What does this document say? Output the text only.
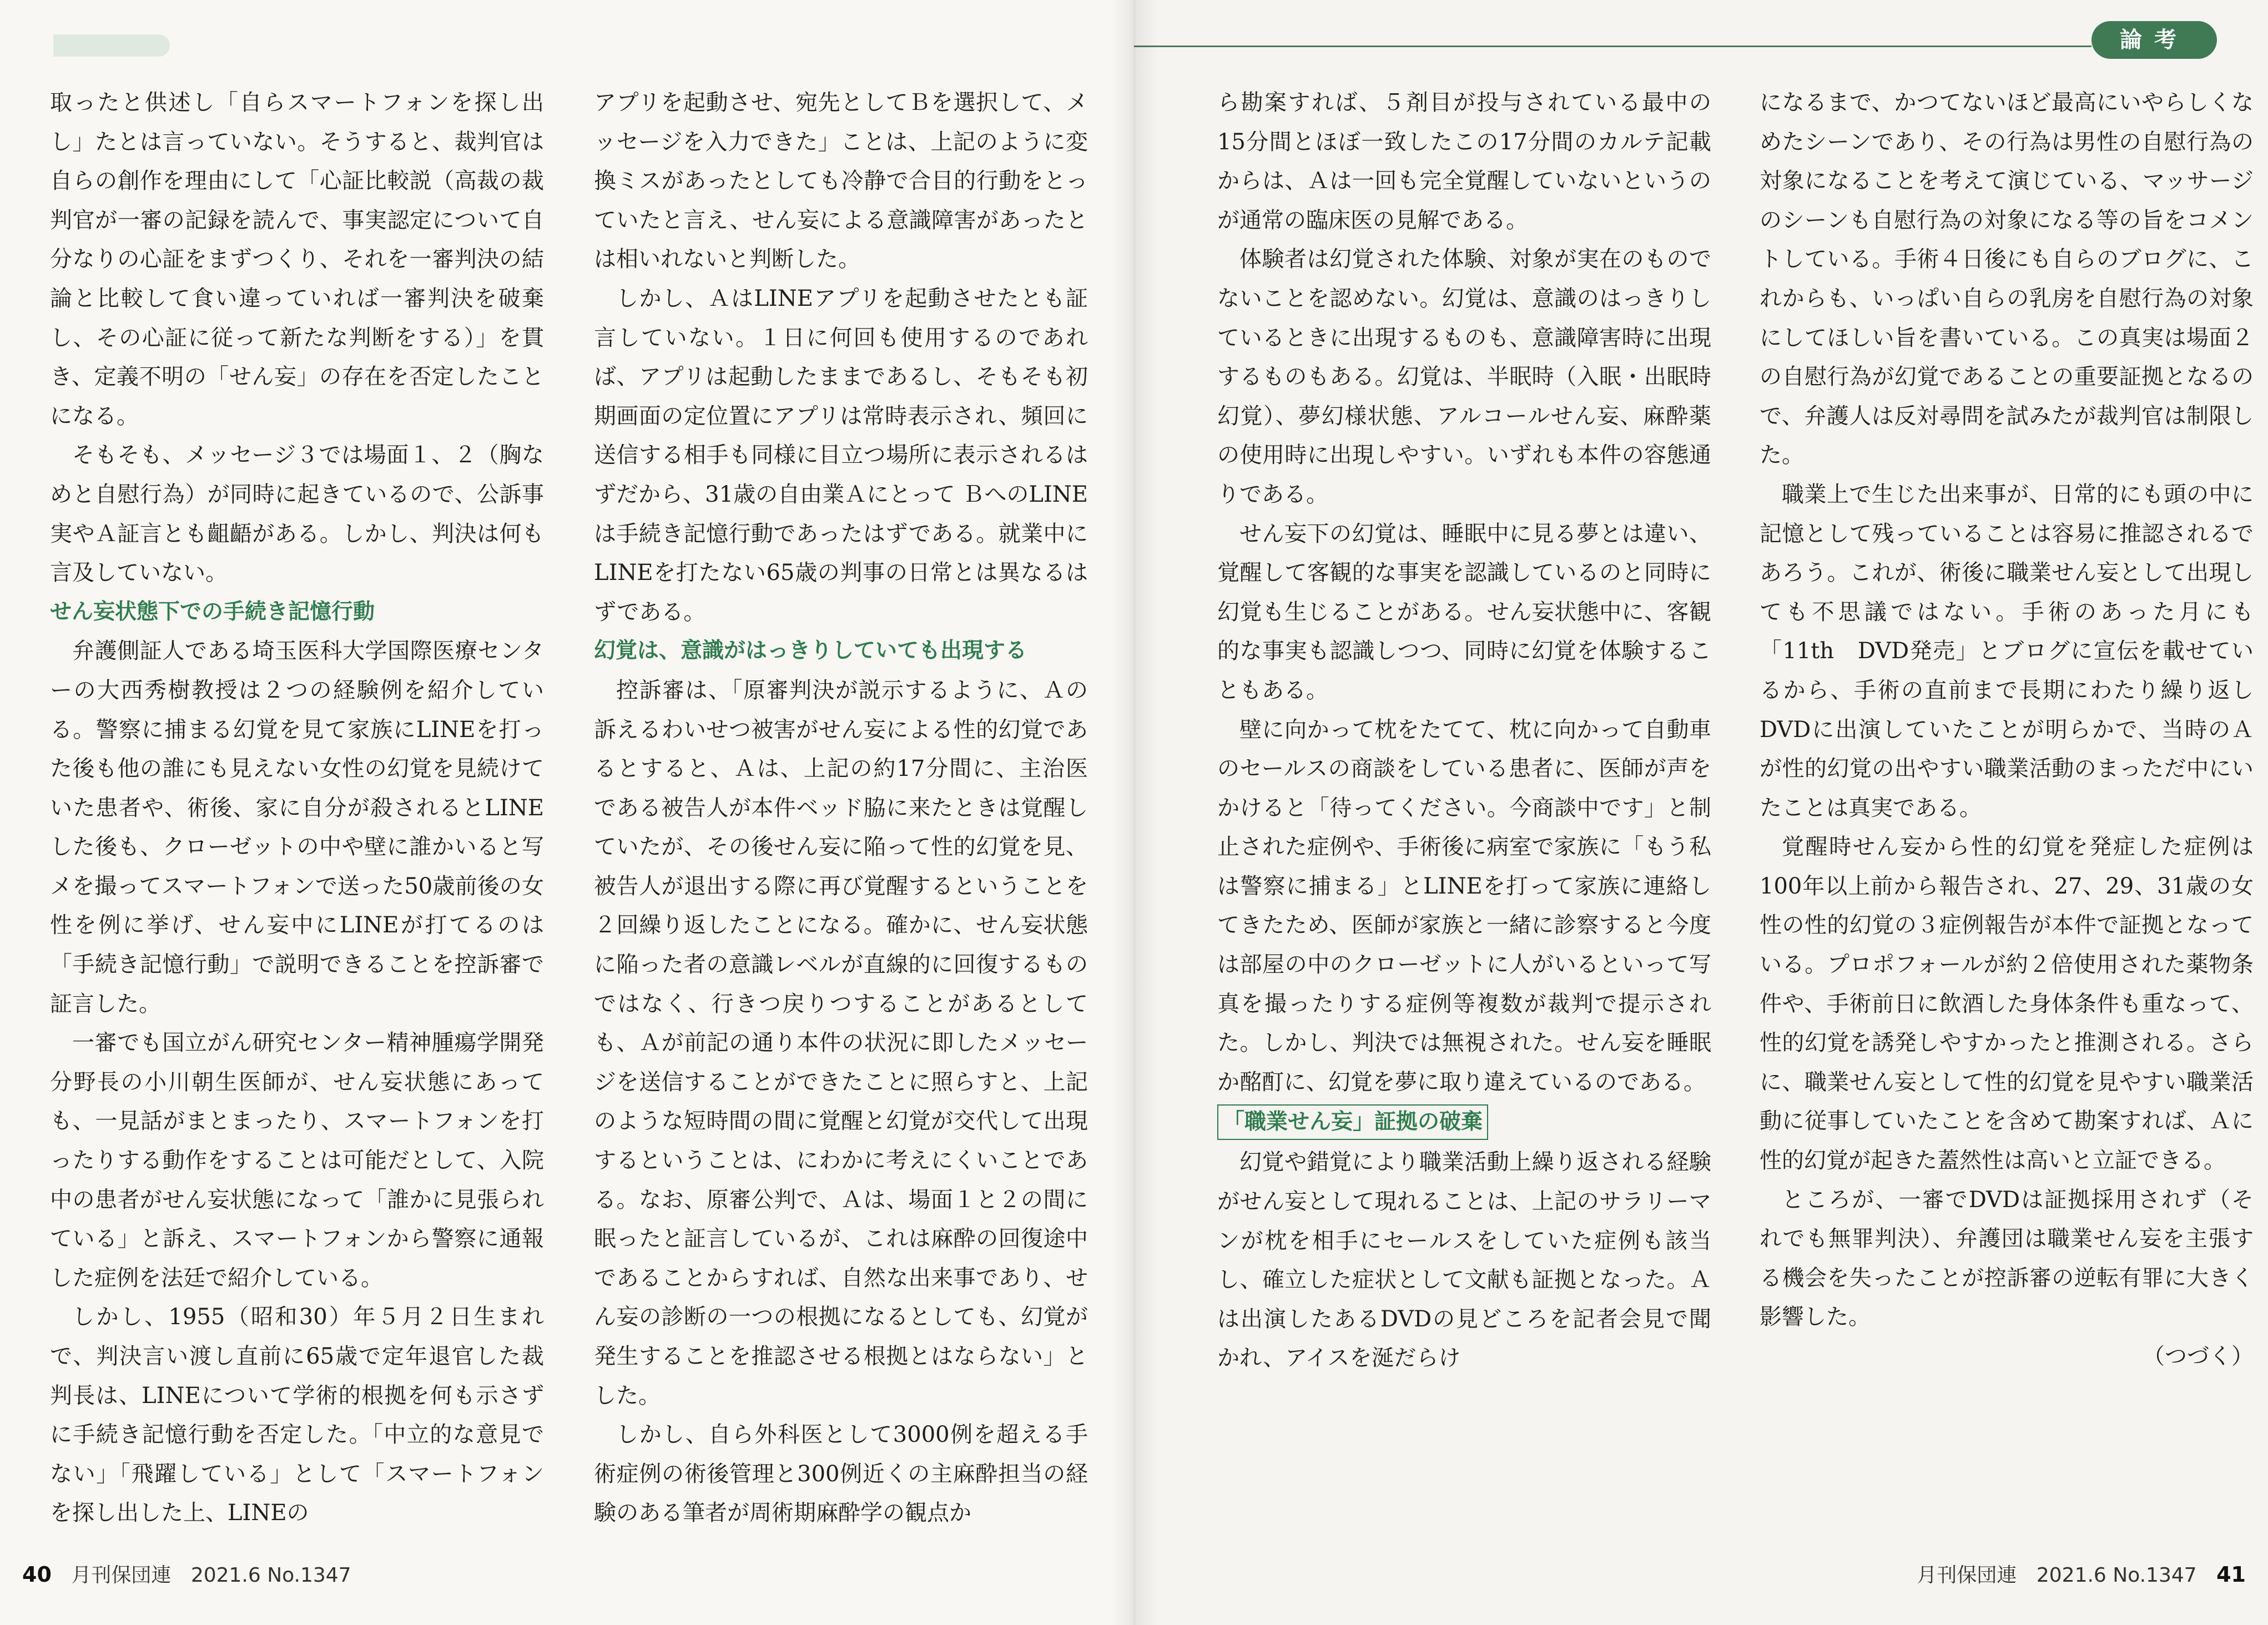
取ったと供述し「自らスマートフォンを探し出し」たとは言っていない。そうすると、裁判官は自らの創作を理由にして「心証比較説（高裁の裁判官が一審の記録を読んで、事実認定について自分なりの心証をまずつくり、それを一審判決の結論と比較して食い違っていれば一審判決を破棄し、その心証に従って新たな判断をする）」を貫き、定義不明の「せん妄」の存在を否定したことになる。

そもそも、メッセージ３では場面１、２（胸なめと自慰行為）が同時に起きているので、公訴事実やＡ証言とも齟齬がある。しかし、判決は何も言及していない。

せん妄状態下での手続き記憶行動

弁護側証人である埼玉医科大学国際医療センターの大西秀樹教授は２つの経験例を紹介している。警察に捕まる幻覚を見て家族にLINEを打った後も他の誰にも見えない女性の幻覚を見続けていた患者や、術後、家に自分が殺されるとLINEした後も、クローゼットの中や壁に誰かいると写メを撮ってスマートフォンで送った50歳前後の女性を例に挙げ、せん妄中にLINEが打てるのは「手続き記憶行動」で説明できることを控訴審で証言した。

一審でも国立がん研究センター精神腫瘍学開発分野長の小川朝生医師が、せん妄状態にあっても、一見話がまとまったり、スマートフォンを打ったりする動作をすることは可能だとして、入院中の患者がせん妄状態になって「誰かに見張られている」と訴え、スマートフォンから警察に通報した症例を法廷で紹介している。

しかし、1955（昭和30）年５月２日生まれで、判決言い渡し直前に65歳で定年退官した裁判長は、LINEについて学術的根拠を何も示さずに手続き記憶行動を否定した。「中立的な意見でない」「飛躍している」として「スマートフォンを探し出した上、LINEの

アプリを起動させ、宛先としてＢを選択して、メッセージを入力できた」ことは、上記のように変換ミスがあったとしても冷静で合目的行動をとっていたと言え、せん妄による意識障害があったとは相いれないと判断した。

しかし、ＡはLINEアプリを起動させたとも証言していない。１日に何回も使用するのであれば、アプリは起動したままであるし、そもそも初期画面の定位置にアプリは常時表示され、頻回に送信する相手も同様に目立つ場所に表示されるはずだから、31歳の自由業Ａにとって ＢへのLINEは手続き記憶行動であったはずである。就業中にLINEを打たない65歳の判事の日常とは異なるはずである。

幻覚は、意識がはっきりしていても出現する

控訴審は、「原審判決が説示するように、Ａの訴えるわいせつ被害がせん妄による性的幻覚であるとすると、Ａは、上記の約17分間に、主治医である被告人が本件ベッド脇に来たときは覚醒していたが、その後せん妄に陥って性的幻覚を見、被告人が退出する際に再び覚醒するということを２回繰り返したことになる。確かに、せん妄状態に陥った者の意識レベルが直線的に回復するものではなく、行きつ戻りつすることがあるとしても、Ａが前記の通り本件の状況に即したメッセージを送信することができたことに照らすと、上記のような短時間の間に覚醒と幻覚が交代して出現するということは、にわかに考えにくいことである。なお、原審公判で、Ａは、場面１と２の間に眠ったと証言しているが、これは麻酔の回復途中であることからすれば、自然な出来事であり、せん妄の診断の一つの根拠になるとしても、幻覚が発生することを推認させる根拠とはならない」とした。

しかし、自ら外科医として3000例を超える手術症例の術後管理と300例近くの主麻酔担当の経験のある筆者が周術期麻酔学の観点か

40 月刊保団連 2021.6 No.1347

ら勘案すれば、５剤目が投与されている最中の15分間とほぼ一致したこの17分間のカルテ記載からは、Ａは一回も完全覚醒していないというのが通常の臨床医の見解である。

体験者は幻覚された体験、対象が実在のものでないことを認めない。幻覚は、意識のはっきりしているときに出現するものも、意識障害時に出現するものもある。幻覚は、半眠時（入眠・出眠時幻覚）、夢幻様状態、アルコールせん妄、麻酔薬の使用時に出現しやすい。いずれも本件の容態通りである。

せん妄下の幻覚は、睡眠中に見る夢とは違い、覚醒して客観的な事実を認識しているのと同時に幻覚も生じることがある。せん妄状態中に、客観的な事実も認識しつつ、同時に幻覚を体験することもある。

壁に向かって枕をたてて、枕に向かって自動車のセールスの商談をしている患者に、医師が声をかけると「待ってください。今商談中です」と制止された症例や、手術後に病室で家族に「もう私は警察に捕まる」とLINEを打って家族に連絡してきたため、医師が家族と一緒に診察すると今度は部屋の中のクローゼットに人がいるといって写真を撮ったりする症例等複数が裁判で提示された。しかし、判決では無視された。せん妄を睡眠か酩酊に、幻覚を夢に取り違えているのである。

「職業せん妄」証拠の破棄

幻覚や錯覚により職業活動上繰り返される経験がせん妄として現れることは、上記のサラリーマンが枕を相手にセールスをしていた症例も該当し、確立した症状として文献も証拠となった。Ａは出演したあるDVDの見どころを記者会見で聞かれ、アイスを涎だらけ

になるまで、かつてないほど最高にいやらしくなめたシーンであり、その行為は男性の自慰行為の対象になることを考えて演じている、マッサージのシーンも自慰行為の対象になる等の旨をコメントしている。手術４日後にも自らのブログに、これからも、いっぱい自らの乳房を自慰行為の対象にしてほしい旨を書いている。この真実は場面２の自慰行為が幻覚であることの重要証拠となるので、弁護人は反対尋問を試みたが裁判官は制限した。

職業上で生じた出来事が、日常的にも頭の中に記憶として残っていることは容易に推認されるであろう。これが、術後に職業せん妄として出現しても不思議ではない。手術のあった月にも「11th　DVD発売」とブログに宣伝を載せているから、手術の直前まで長期にわたり繰り返しDVDに出演していたことが明らかで、当時のＡが性的幻覚の出やすい職業活動のまっただ中にいたことは真実である。

覚醒時せん妄から性的幻覚を発症した症例は100年以上前から報告され、27、29、31歳の女性の性的幻覚の３症例報告が本件で証拠となっている。プロポフォールが約２倍使用された薬物条件や、手術前日に飲酒した身体条件も重なって、性的幻覚を誘発しやすかったと推測される。さらに、職業せん妄として性的幻覚を見やすい職業活動に従事していたことを含めて勘案すれば、Ａに性的幻覚が起きた蓋然性は高いと立証できる。

ところが、一審でDVDは証拠採用されず（それでも無罪判決）、弁護団は職業せん妄を主張する機会を失ったことが控訴審の逆転有罪に大きく影響した。

（つづく）

月刊保団連 2021.6 No.1347 41
論考
